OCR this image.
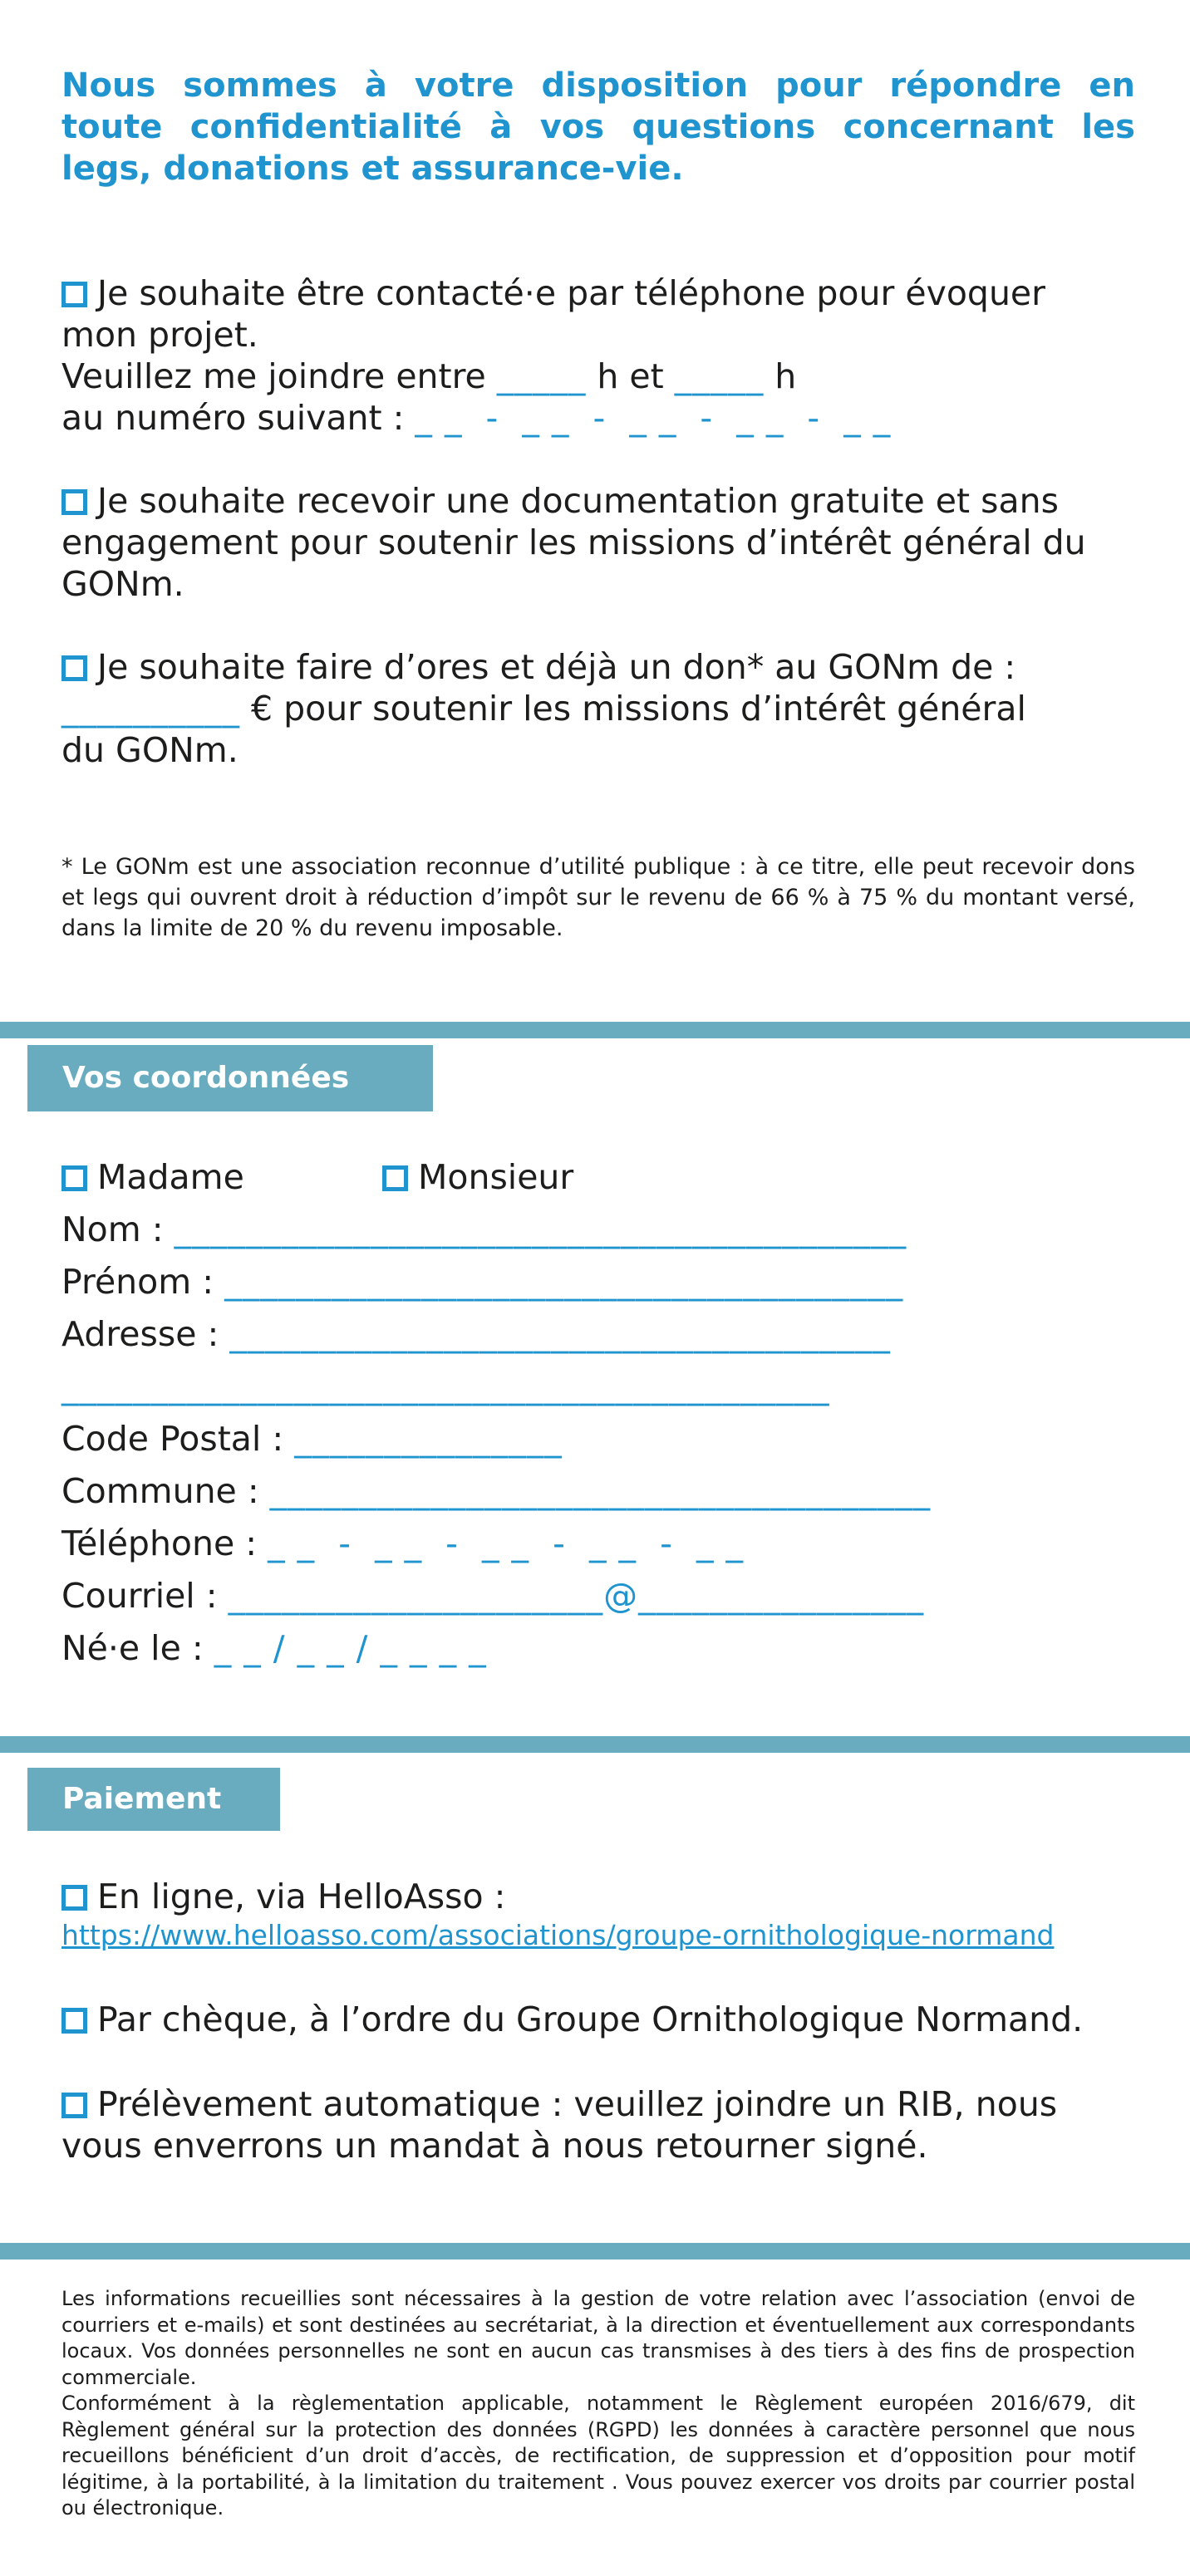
Nous sommes à votre disposition pour répondre en toute confidentialité à vos questions concernant les legs, donations et assurance-vie.

Je souhaite être contacté·e par téléphone pour évoquer
mon projet.
Veuillez me joindre entre _____ h et _____ h
au numéro suivant : _ _  -  _ _  -  _ _  -  _ _  -  _ _
Je souhaite recevoir une documentation gratuite et sans
engagement pour soutenir les missions d’intérêt général du
GONm.
Je souhaite faire d’ores et déjà un don* au GONm de :
__________ € pour soutenir les missions d’intérêt général
du GONm.

* Le GONm est une association reconnue d’utilité publique : à ce titre, elle peut recevoir dons et legs qui ouvrent droit à réduction d’impôt sur le revenu de 66 % à 75 % du montant versé, dans la limite de 20 % du revenu imposable.

Vos coordonnées
Madame	Monsieur
Nom : _________________________________________
Prénom : ______________________________________
Adresse : _____________________________________
___________________________________________
Code Postal : _______________
Commune : _____________________________________
Téléphone : _ _  -  _ _  -  _ _  -  _ _  -  _ _
Courriel : _____________________@________________
Né·e le : _ _ / _ _ / _ _ _ _
Paiement
En ligne, via HelloAsso :
https://www.helloasso.com/associations/groupe-ornithologique-normand
Par chèque, à l’ordre du Groupe Ornithologique Normand.
Prélèvement automatique : veuillez joindre un RIB, nous
vous enverrons un mandat à nous retourner signé.
Les informations recueillies sont nécessaires à la gestion de votre relation avec l’association (envoi de courriers et e-mails) et sont destinées au secrétariat, à la direction et éventuellement aux correspondants locaux. Vos données personnelles ne sont en aucun cas transmises à des tiers à des fins de prospection commerciale.
Conformément à la règlementation applicable, notamment le Règlement européen 2016/679, dit Règlement général sur la protection des données (RGPD) les données à caractère personnel que nous recueillons bénéficient d’un droit d’accès, de rectification, de suppression et d’opposition pour motif légitime, à la portabilité, à la limitation du traitement . Vous pouvez exercer vos droits par courrier postal ou électronique.
